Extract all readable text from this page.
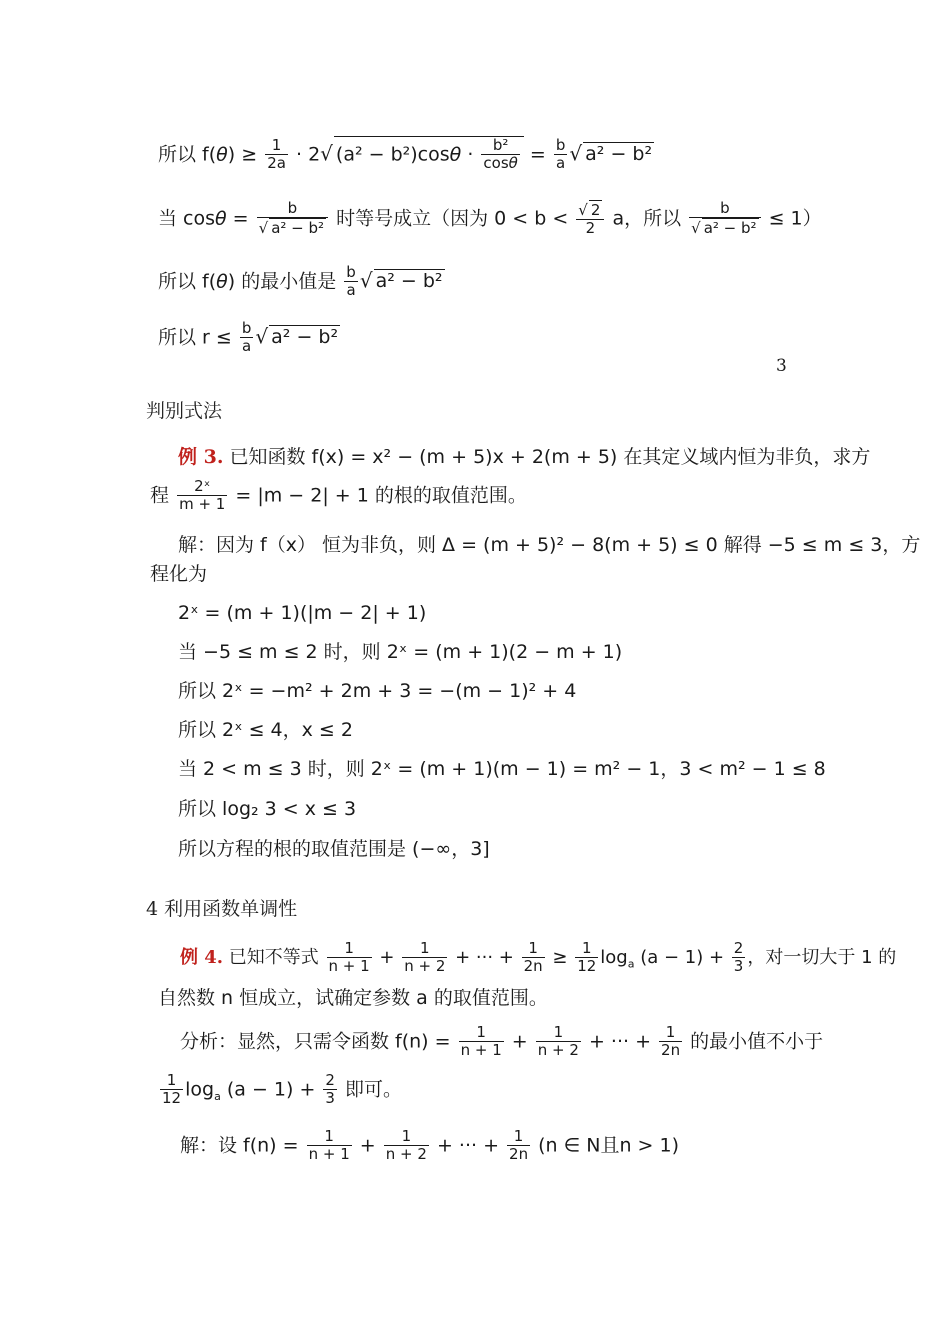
所以 $f(\theta) \ge \frac{1}{2a} \cdot 2√$ $(a^2 - b^2)\cos\theta \cdot \frac{\text{b²}}{\cos\theta} = \frac{b}{a}$ √ a² − b²
当 $\cos\theta = \frac{b}{\text{√ a² − b²}}$ 时等号成立（因为 $0 < b < \frac{√ 2}{2}$ a，所以 $\frac{b}{\text{√ a² − b²}} \le 1$）
所以 f(θ) 的最小值是 $\frac{b}{a}$ √ a² − b²
所以 $r \le \frac{b}{a}$ √ a² − b²
3
判别式法
例 3. 已知函数 f(x) = x² − (m + 5)x + 2(m + 5) 在其定义域内恒为非负，求方
程 $\frac{\text{2ˣ}}{m + 1} = |m - 2| + 1$ 的根的取值范围。
解：因为 f（x） 恒为非负，则 Δ = (m + 5)² − 8(m + 5) ≤ 0 解得 −5 ≤ m ≤ 3，方
程化为
2ˣ = (m + 1)(|m − 2| + 1)
当 −5 ≤ m ≤ 2 时，则 2ˣ = (m + 1)(2 − m + 1)
所以 2ˣ = −m² + 2m + 3 = −(m − 1)² + 4
所以 2ˣ ≤ 4，x ≤ 2
当 2 < m ≤ 3 时，则 2ˣ = (m + 1)(m − 1) = m² − 1，3 < m² − 1 ≤ 8
所以 log₂ 3 < x ≤ 3
所以方程的根的取值范围是 (−∞，3]
4 利用函数单调性
例 4. 已知不等式 $\frac{1}{n + 1} + \frac{1}{n + 2}$ + ··· + $\frac{1}{2n} \ge \frac{1}{12} \log_a (a - 1) + \frac{2}{3}$ ，对一切大于 1 的
自然数 n 恒成立，试确定参数 a 的取值范围。
分析：显然，只需令函数 $f(n) = \frac{1}{n + 1} + \frac{1}{n + 2}$ + ··· + $\frac{1}{2n}$ 的最小值不小于
$\frac{1}{12} \log_a (a - 1) + \frac{2}{3}$ 即可。
解：设 $f(n) = \frac{1}{n + 1} + \frac{1}{n + 2}$ + ··· + $\frac{1}{2n} (n$ ∈ N且n > 1)
